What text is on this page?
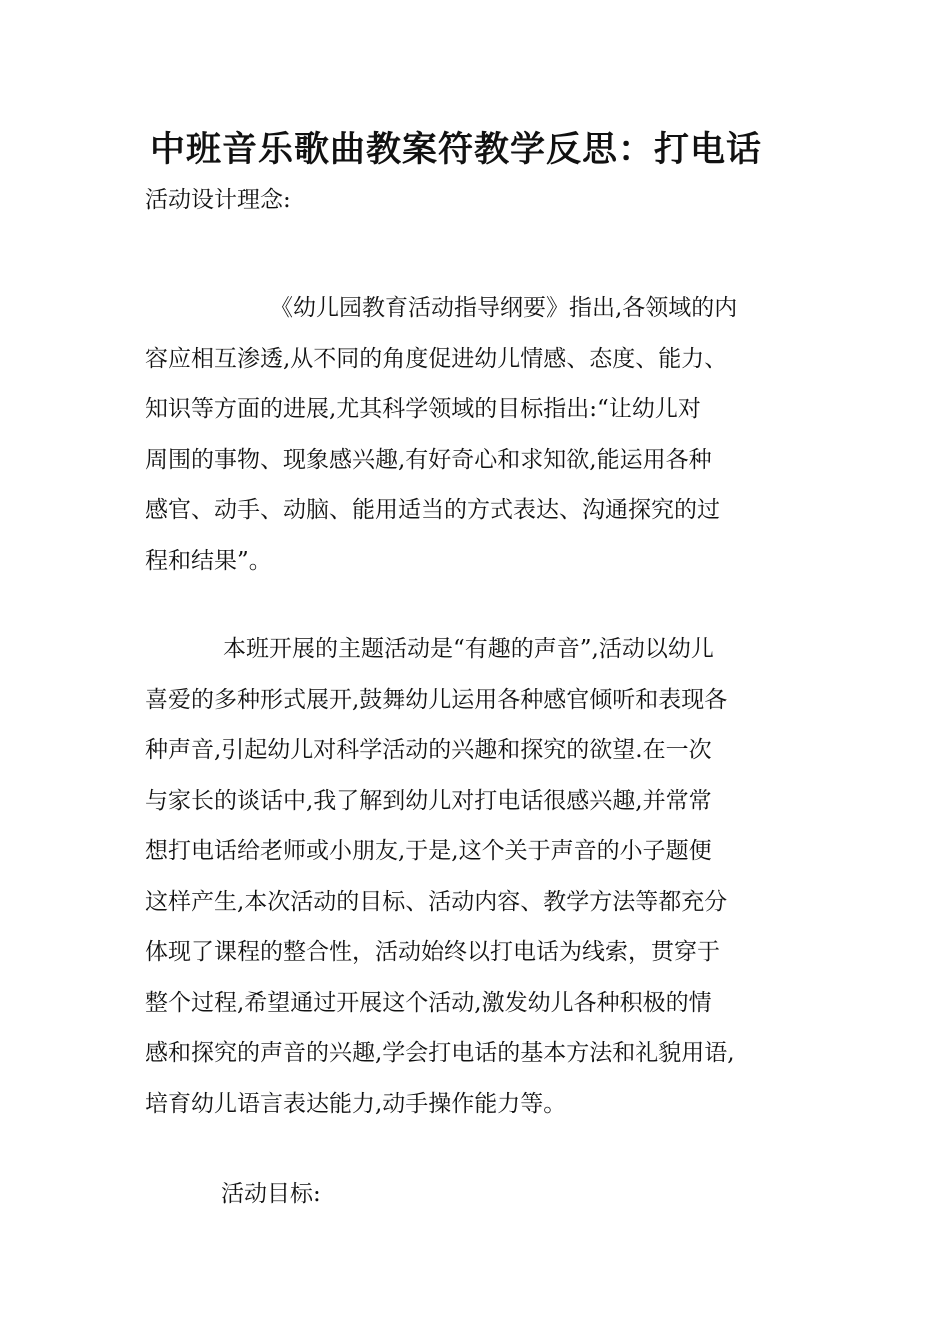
中班音乐歌曲教案符教学反思：打电话

活动设计理念:

《幼儿园教育活动指导纲要》指出,各领域的内
容应相互渗透,从不同的角度促进幼儿情感、态度、能力、
知识等方面的进展,尤其科学领域的目标指出:“让幼儿对
周围的事物、现象感兴趣,有好奇心和求知欲,能运用各种
感官、动手、动脑、能用适当的方式表达、沟通探究的过
程和结果”。
本班开展的主题活动是“有趣的声音”,活动以幼儿
喜爱的多种形式展开,鼓舞幼儿运用各种感官倾听和表现各
种声音,引起幼儿对科学活动的兴趣和探究的欲望.在一次
与家长的谈话中,我了解到幼儿对打电话很感兴趣,并常常
想打电话给老师或小朋友,于是,这个关于声音的小子题便
这样产生,本次活动的目标、活动内容、教学方法等都充分
体现了课程的整合性，活动始终以打电话为线索，贯穿于
整个过程,希望通过开展这个活动,激发幼儿各种积极的情
感和探究的声音的兴趣,学会打电话的基本方法和礼貌用语,
培育幼儿语言表达能力,动手操作能力等。

活动目标:
